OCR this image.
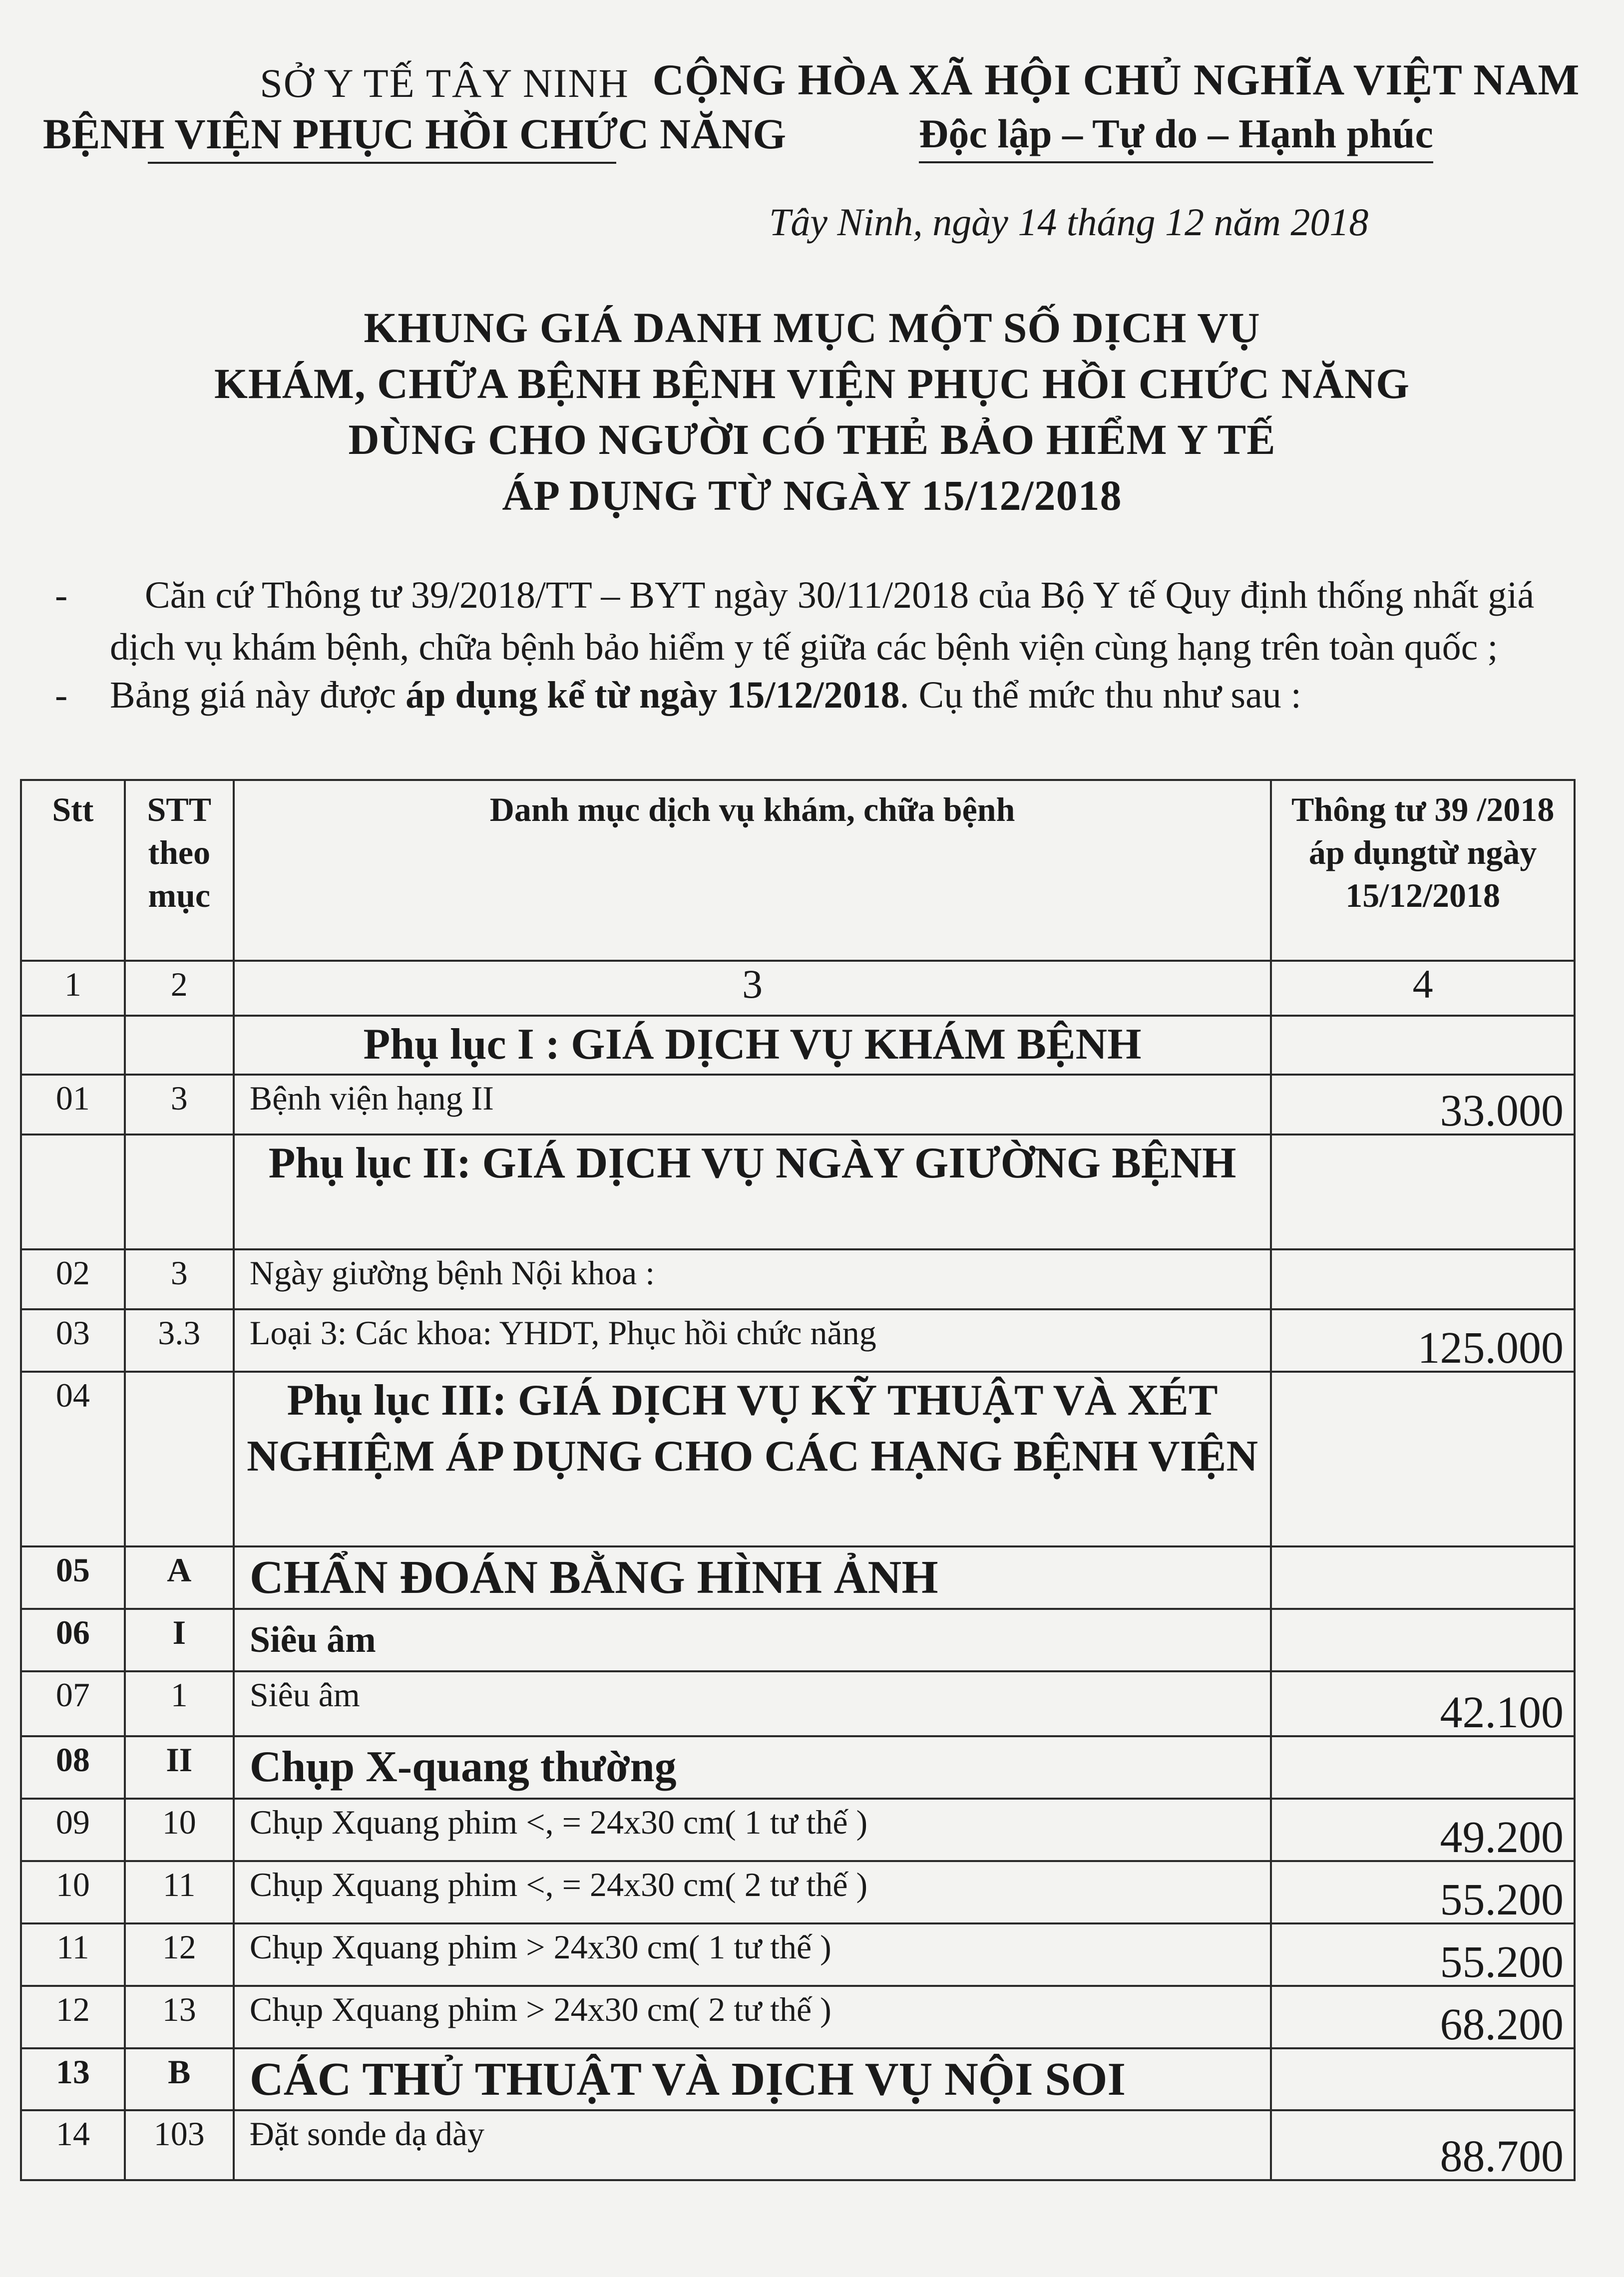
SỞ Y TẾ TÂY NINH
BỆNH VIỆN PHỤC HỒI CHỨC NĂNG
CỘNG HÒA XÃ HỘI CHỦ NGHĨA VIỆT NAM
Độc lập – Tự do – Hạnh phúc
Tây Ninh, ngày 14 tháng 12 năm 2018
KHUNG GIÁ DANH MỤC MỘT SỐ DỊCH VỤ
KHÁM, CHỮA BỆNH BỆNH VIỆN PHỤC HỒI CHỨC NĂNG
DÙNG CHO NGƯỜI CÓ THẺ BẢO HIỂM Y TẾ
ÁP DỤNG TỪ NGÀY 15/12/2018
-	Căn cứ Thông tư 39/2018/TT – BYT ngày 30/11/2018 của Bộ Y tế Quy định thống nhất giá
dịch vụ khám bệnh, chữa bệnh bảo hiểm y tế giữa các bệnh viện cùng hạng trên toàn quốc ;
-	Bảng giá này được áp dụng kể từ ngày 15/12/2018. Cụ thể mức thu như sau :
Stt	STT theo mục	Danh mục dịch vụ khám, chữa bệnh	Thông tư 39 /2018 áp dụngtừ ngày 15/12/2018
1	2	3	4
		Phụ lục I : GIÁ DỊCH VỤ KHÁM BỆNH	
01	3	Bệnh viện hạng II	33.000
		Phụ lục II: GIÁ DỊCH VỤ NGÀY GIƯỜNG BỆNH	
02	3	Ngày giường bệnh Nội khoa :	
03	3.3	Loại 3: Các khoa: YHDT, Phục hồi chức năng	125.000
04		Phụ lục III: GIÁ DỊCH VỤ KỸ THUẬT VÀ XÉT NGHIỆM ÁP DỤNG CHO CÁC HẠNG BỆNH VIỆN	
05	A	CHẨN ĐOÁN BẰNG HÌNH ẢNH	
06	I	Siêu âm	
07	1	Siêu âm	42.100
08	II	Chụp X-quang thường	
09	10	Chụp Xquang phim <, = 24x30 cm( 1 tư thế )	49.200
10	11	Chụp Xquang phim <, = 24x30 cm( 2 tư thế )	55.200
11	12	Chụp Xquang phim > 24x30 cm( 1 tư thế )	55.200
12	13	Chụp Xquang phim > 24x30 cm( 2 tư thế )	68.200
13	B	CÁC THỦ THUẬT VÀ DỊCH VỤ NỘI SOI	
14	103	Đặt sonde dạ dày	88.700
